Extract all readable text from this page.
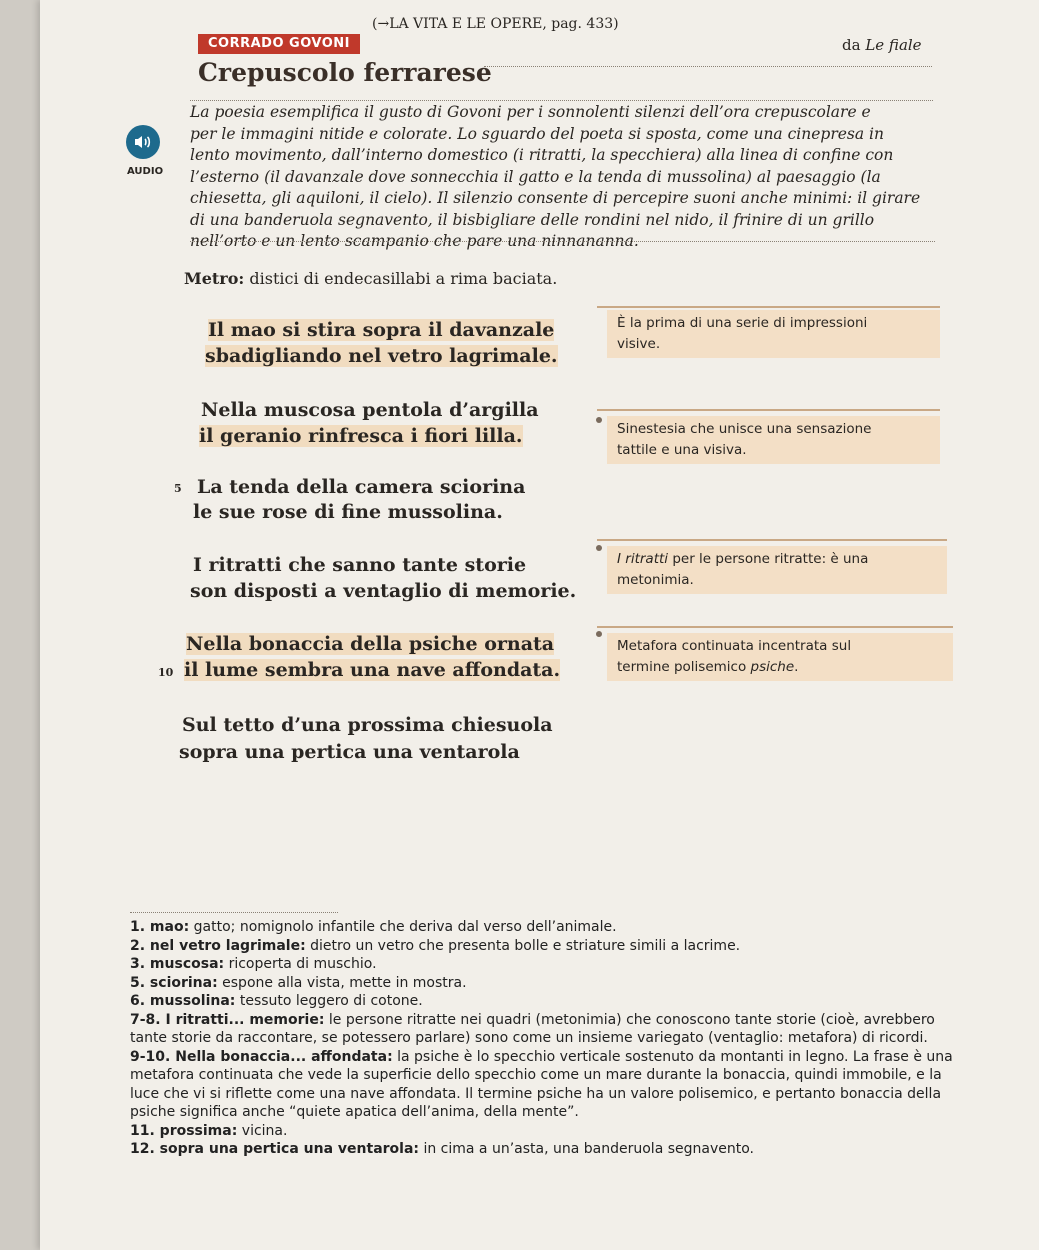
CORRADO GOVONI
(→LA VITA E LE OPERE, pag. 433)
da Le fiale
Crepuscolo ferrarese
AUDIO
La poesia esemplifica il gusto di Govoni per i sonnolenti silenzi dell’ora crepuscolare e
per le immagini nitide e colorate. Lo sguardo del poeta si sposta, come una cinepresa in
lento movimento, dall’interno domestico (i ritratti, la specchiera) alla linea di confine con
l’esterno (il davanzale dove sonnecchia il gatto e la tenda di mussolina) al paesaggio (la
chiesetta, gli aquiloni, il cielo). Il silenzio consente di percepire suoni anche minimi: il girare
di una banderuola segnavento, il bisbigliare delle rondini nel nido, il frinire di un grillo
nell’orto e un lento scampanio che pare una ninnananna.
Metro: distici di endecasillabi a rima baciata.
Il mao si stira sopra il davanzale
sbadigliando nel vetro lagrimale.
Nella muscosa pentola d’argilla
il geranio rinfresca i fiori lilla.
5 La tenda della camera sciorina
le sue rose di fine mussolina.
I ritratti che sanno tante storie
son disposti a ventaglio di memorie.
Nella bonaccia della psiche ornata
10 il lume sembra una nave affondata.
Sul tetto d’una prossima chiesuola
sopra una pertica una ventarola
È la prima di una serie di impressioni
visive.
Sinestesia che unisce una sensazione
tattile e una visiva.
I ritratti per le persone ritratte: è una
metonimia.
Metafora continuata incentrata sul
termine polisemico psiche.

1. mao: gatto; nomignolo infantile che deriva dal verso dell’animale.

2. nel vetro lagrimale: dietro un vetro che presenta bolle e striature simili a lacrime.

3. muscosa: ricoperta di muschio.

5. sciorina: espone alla vista, mette in mostra.

6. mussolina: tessuto leggero di cotone.

7-8. I ritratti... memorie: le persone ritratte nei quadri (metonimia) che conoscono tante storie (cioè, avrebbero tante storie da raccontare, se potessero parlare) sono come un insieme variegato (ventaglio: metafora) di ricordi.

9-10. Nella bonaccia... affondata: la psiche è lo specchio verticale sostenuto da montanti in legno. La frase è una metafora continuata che vede la superficie dello specchio come un mare durante la bonaccia, quindi immobile, e la luce che vi si riflette come una nave affondata. Il termine psiche ha un valore polisemico, e pertanto bonaccia della psiche significa anche “quiete apatica dell’anima, della mente”.

11. prossima: vicina.

12. sopra una pertica una ventarola: in cima a un’asta, una banderuola segnavento.
